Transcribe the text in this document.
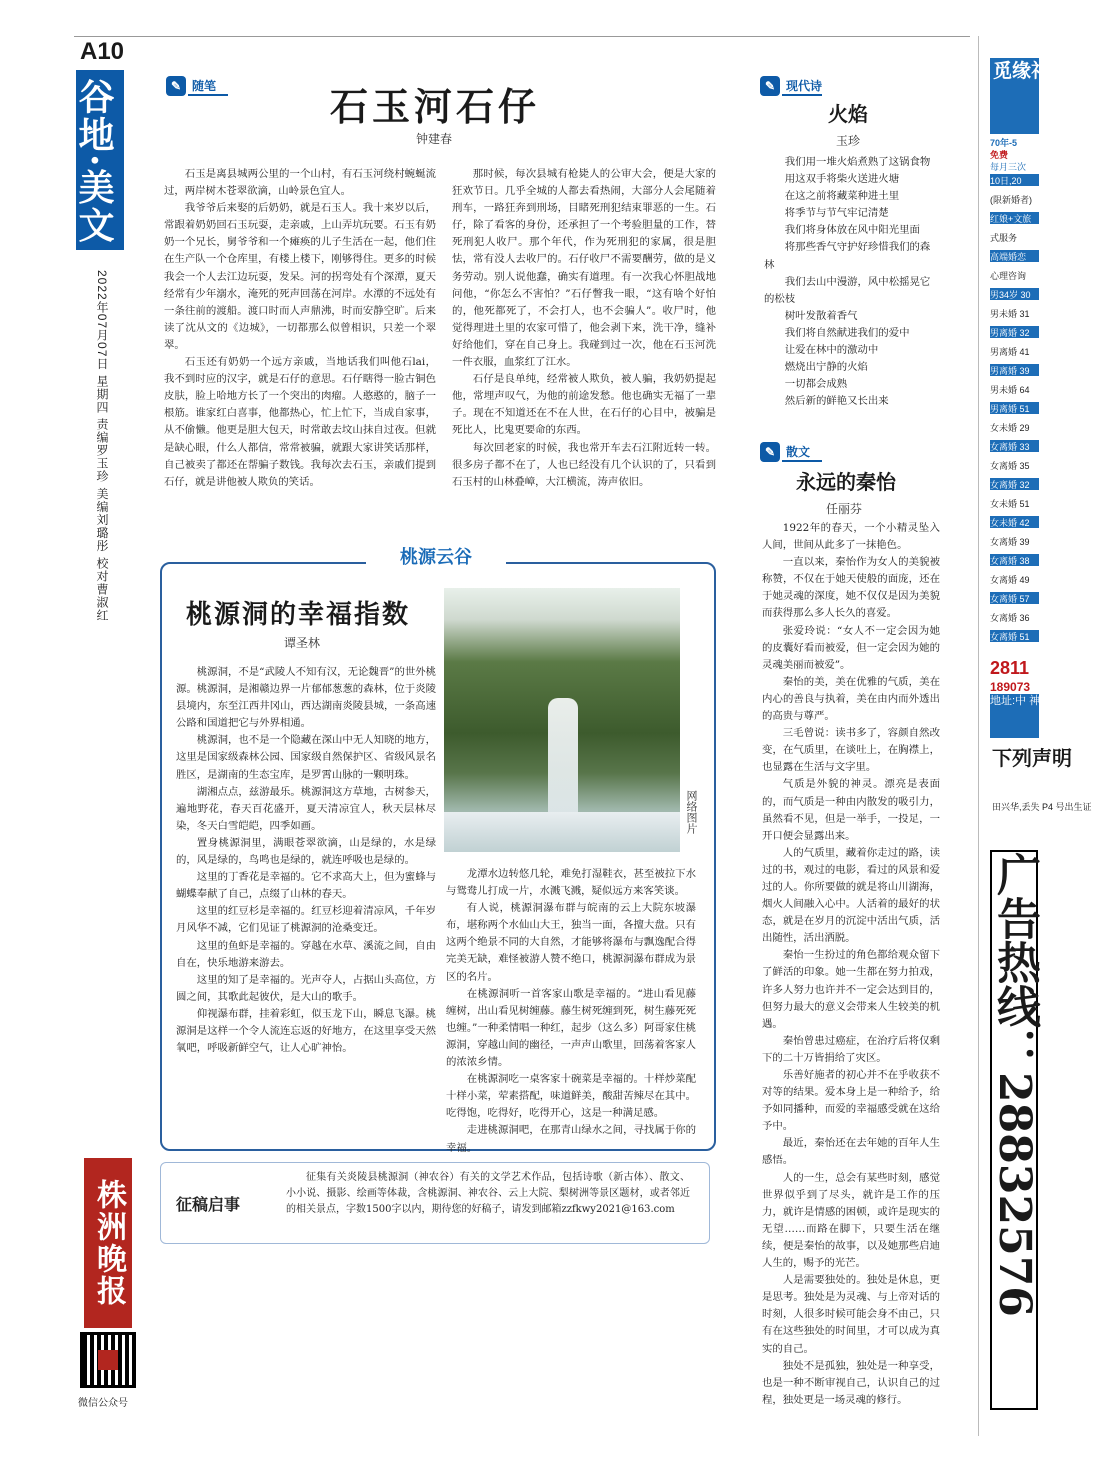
A10
谷地·美文
2022年07月07日 星期四 责编罗玉珍 美编刘璐彤 校对曹淑红
株洲晚报
微信公众号
✎ 随笔	石玉河石仔
钟建春

石玉是离县城两公里的一个山村，有石玉河绕村蜿蜒流过，两岸树木苍翠欲滴，山岭景色宜人。

我爷爷后来娶的后奶奶，就是石玉人。我十来岁以后，常跟着奶奶回石玉玩耍，走亲戚，上山弄坑玩要。石玉有奶奶一个兄长，舅爷爷和一个瘫痪的儿子生活在一起，他们住在生产队一个仓库里，有楼上楼下，刚够得住。更多的时候我会一个人去江边玩耍，发呆。河的拐弯处有个深潭，夏天经常有少年溺水，淹死的死声回荡在河岸。水潭的不远处有一条往前的渡船。渡口时而人声鼎沸，时而安静空旷。后来读了沈从文的《边城》，一切都那么似曾相识，只差一个翠翠。

石玉还有奶奶一个远方亲戚，当地话我们叫他石lai，我不到时应的汉字，就是石仔的意思。石仔瞎得一脸古铜色皮肤，脸上哈地方长了一个突出的肉瘤。人憨憨的，脑子一根筋。谁家红白喜事，他都热心，忙上忙下，当成自家事，从不偷懒。他更是胆大包天，时常敢去坟山抹自过夜。但就是缺心眼，什么人都信，常常被骗，就跟大家讲笑话那样，自己被卖了都还在帮骗子数钱。我每次去石玉，亲戚们提到石仔，就是讲他被人欺负的笑话。

那时候，每次县城有枪毙人的公审大会，便是大家的狂欢节日。几乎全城的人都去看热闹，大部分人会尾随着刑车，一路狂奔到刑场，目睹死刑犯结束罪恶的一生。石仔，除了看客的身份，还承担了一个考验胆量的工作，替死刑犯人收尸。那个年代，作为死刑犯的家属，很是胆怯，常有没人去收尸的。石仔收尸不需要酬劳，做的是义务劳动。别人说他蠢，确实有道理。有一次我心怀胆战地问他，“你怎么不害怕？”石仔瞥我一眼，“这有啥个好怕的，他死都死了，不会打人，也不会骗人”。收尸时，他觉得理进土里的农家可惜了，他会剥下来，洗干净，缝补好给他们，穿在自己身上。我碰到过一次，他在石玉河洗一件衣服，血浆红了江水。

石仔是良单纯，经常被人欺负，被人骗，我奶奶提起他，常埋声叹气，为他的前途发愁。他也确实无福了一辈子。现在不知道还在不在人世，在石仔的心目中，被骗是死比人，比鬼更要命的东西。

每次回老家的时候，我也常开车去石江附近转一转。很多房子都不在了，人也已经没有几个认识的了，只看到石玉村的山林叠嶂，大江横流，涛声依旧。

桃源云谷
桃源洞的幸福指数
谭圣林
网络图片

桃源洞，不是“武陵人不知有汉，无论魏晋”的世外桃源。桃源洞，是湘赣边界一片郁郁葱葱的森林，位于炎陵县境内，东至江西井冈山，西达湖南炎陵县城，一条高速公路和国道把它与外界相通。

桃源洞，也不是一个隐藏在深山中无人知晓的地方，这里是国家级森林公园、国家级自然保护区、省级风景名胜区，是湖南的生态宝库，是罗霄山脉的一颗明珠。

湖湘点点，兹游最乐。桃源洞这方草地，古树参天，遍地野花，春天百花盛开，夏天清凉宜人，秋天层林尽染，冬天白雪皑皑，四季如画。

置身桃源洞里，满眼苍翠欲滴，山是绿的，水是绿的，风是绿的，鸟鸣也是绿的，就连呼吸也是绿的。

这里的丁香花是幸福的。它不求高大上，但为蜜蜂与蝴蝶奉献了自己，点缀了山林的春天。

这里的红豆杉是幸福的。红豆杉迎着清凉风，千年岁月风华不减，它们见证了桃源洞的沧桑变迁。

这里的鱼虾是幸福的。穿越在水草、溪流之间，自由自在，快乐地游来游去。

这里的知了是幸福的。光声夺人，占据山头高位，方圆之间，其歌此起彼伏，是大山的歌手。

仰视瀑布群，挂着彩虹，似玉龙下山，瞬息飞瀑。桃源洞是这样一个令人流连忘返的好地方，在这里享受天然氧吧，呼吸新鲜空气，让人心旷神怡。

龙潭水边转悠几轮，难免打湿鞋衣，甚至被拉下水与鸳鸯儿打成一片，水溅飞溅，疑似远方来客笑谈。

有人说，桃源洞瀑布群与皖南的云上大院东坡瀑布，堪称两个水仙山大王，独当一面，各擅大盘。只有这两个绝景不同的大自然，才能够将瀑布与飘逸配合得完美无缺，难怪被游人赞不绝口，桃源洞瀑布群成为景区的名片。

在桃源洞听一首客家山歌是幸福的。“进山看见藤缠树，出山看见树缠藤。藤生树死缠到死，树生藤死死也缠。”一种柔情唱一种红，起步（这么多）阿哥家住桃源洞，穿越山间的幽径，一声声山歌里，回荡着客家人的浓浓乡情。

在桃源洞吃一桌客家十碗菜是幸福的。十样炒菜配十样小菜，荤素搭配，味道鲜美，酸甜苦辣尽在其中。吃得饱，吃得好，吃得开心，这是一种满足感。

走进桃源洞吧，在那青山绿水之间，寻找属于你的幸福。

征稿启事
征集有关炎陵县桃源洞（神农谷）有关的文学艺术作品，包括诗歌（新古体）、散文、小小说、摄影、绘画等体裁，含桃源洞、神农谷、云上大院、梨树洲等景区题材，或者邻近的相关景点，字数1500字以内，期待您的好稿子，请发到邮箱zzfkwy2021@163.com
✎ 现代诗
火焰
玉珍

我们用一堆火焰煮熟了这锅食物

用这双手将柴火送进火塘

在这之前将藏菜种进土里

将季节与节气牢记清楚

我们将身体放在风中阳光里面

将那些香气守护好珍惜我们的森林

我们去山中漫游，风中松摇晃它的松枝

树叶发散着香气

我们将自然献进我们的爱中

让爱在林中的激动中

燃烧出宁静的火焰

一切都会成熟

然后新的鲜艳又长出来

✎ 散文
永远的秦怡
任丽芬

1922年的春天，一个小精灵坠入人间，世间从此多了一抹艳色。

一直以来，秦怡作为女人的美貌被称赞，不仅在于她天使般的面庞，还在于她灵魂的深度，她不仅仅是因为美貌而获得那么多人长久的喜爱。

张爱玲说：“女人不一定会因为她的皮囊好看而被爱，但一定会因为她的灵魂美丽而被爱”。

秦怡的美，美在优雅的气质，美在内心的善良与执着，美在由内而外透出的高贵与尊严。

三毛曾说：读书多了，容颜自然改变，在气质里，在谈吐上，在胸襟上，也显露在生活与文字里。

气质是外貌的神灵。漂亮是表面的，而气质是一种由内散发的吸引力，虽然看不见，但是一举手，一投足，一开口便会显露出来。

人的气质里，藏着你走过的路，读过的书，观过的电影，看过的风景和爱过的人。你所要做的就是将山川湖海，烟火人间融入心中。人活着的最好的状态，就是在岁月的沉淀中活出气质，活出随性，活出洒脱。

秦怡一生扮过的角色都给观众留下了鲜活的印象。她一生都在努力拍戏，许多人努力也许并不一定会达到目的，但努力最大的意义会带来人生较美的机遇。

秦怡曾患过癌症，在治疗后将仅剩下的二十万皆捐给了灾区。

乐善好施者的初心并不在乎收获不对等的结果。爱本身上是一种给予，给予如同播种，而爱的幸福感受就在这给予中。

最近，秦怡还在去年她的百年人生感悟。

人的一生，总会有某些时刻，感觉世界似乎到了尽头，就许是工作的压力，就许是情感的困顿，或许是现实的无望……而路在脚下，只要生活在继续，便是秦怡的故事，以及她那些启迪人生的，赐予的光芒。

人是需要独处的。独处是休息，更是思考。独处是为灵魂、与上帝对话的时刻，人很多时候可能会身不由己，只有在这些独处的时间里，才可以成为真实的自己。

独处不是孤独，独处是一种享受，也是一种不断审视自己，认识自己的过程，独处更是一场灵魂的修行。

觅缘神农
70年-5
免费
每月三次
10日,20
(限新婚者)
红娘+文旅
式服务
高端婚恋
心理咨询
男34岁 30
男未婚 31
男离婚 32
男离婚 41
男离婚 39
男未婚 64
男离婚 51
女未婚 29
女离婚 33
女离婚 35
女离婚 32
女未婚 51
女未婚 42
女离婚 39
女离婚 38
女离婚 49
女离婚 57
女离婚 36
女离婚 51
2811
189073
地址:中 神农公园 边游船码
下列声明
田兴华,丢失 P4 号出生证
广告热线：28832576
